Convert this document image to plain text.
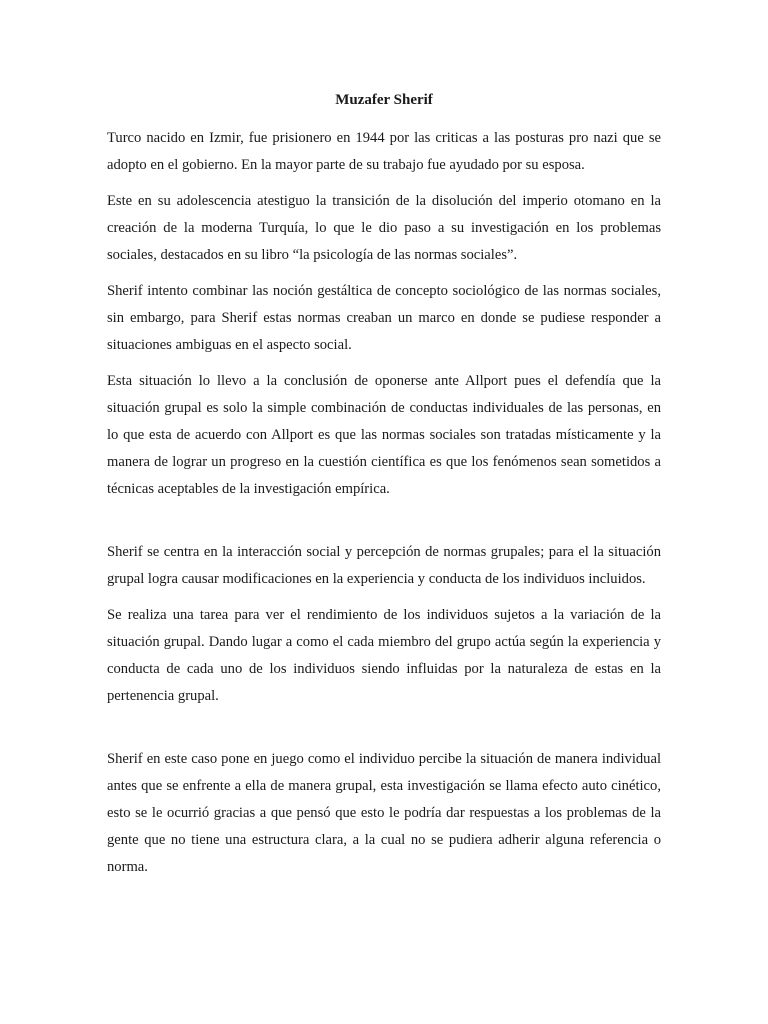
Muzafer Sherif

Turco nacido en Izmir, fue prisionero en 1944 por las criticas a las posturas pro nazi que se adopto en el gobierno. En la mayor parte de su trabajo fue ayudado por su esposa.

Este en su adolescencia atestiguo la transición de la disolución del imperio otomano en la creación de la moderna Turquía, lo que le dio paso a su investigación en los problemas sociales, destacados en su libro “la psicología de las normas sociales”.

Sherif intento combinar las noción gestáltica de concepto sociológico de las normas sociales, sin embargo, para Sherif estas normas creaban un marco en donde se pudiese responder a situaciones ambiguas en el aspecto social.

Esta situación lo llevo a la conclusión de oponerse ante Allport pues el defendía que la situación grupal es solo la simple combinación de conductas individuales de las personas, en lo que esta de acuerdo con Allport es que las normas sociales son tratadas místicamente y la manera de lograr un progreso en la cuestión científica es que los fenómenos sean sometidos a técnicas aceptables de la investigación empírica.

Sherif se centra en la interacción social y percepción de normas grupales; para el la situación grupal logra causar modificaciones en la experiencia y conducta de los individuos incluidos.

Se realiza una tarea para ver el rendimiento de los individuos sujetos a la variación de la situación grupal. Dando lugar a como el cada miembro del grupo actúa según la experiencia y conducta de cada uno de los individuos siendo influidas por la naturaleza de estas en la pertenencia grupal.

Sherif en este caso pone en juego como el individuo percibe la situación de manera individual antes que se enfrente a ella de manera grupal, esta investigación se llama efecto auto cinético, esto se le ocurrió gracias a que pensó que esto le podría dar respuestas a los problemas de la gente que no tiene una estructura clara, a la cual no se pudiera adherir alguna referencia o norma.
